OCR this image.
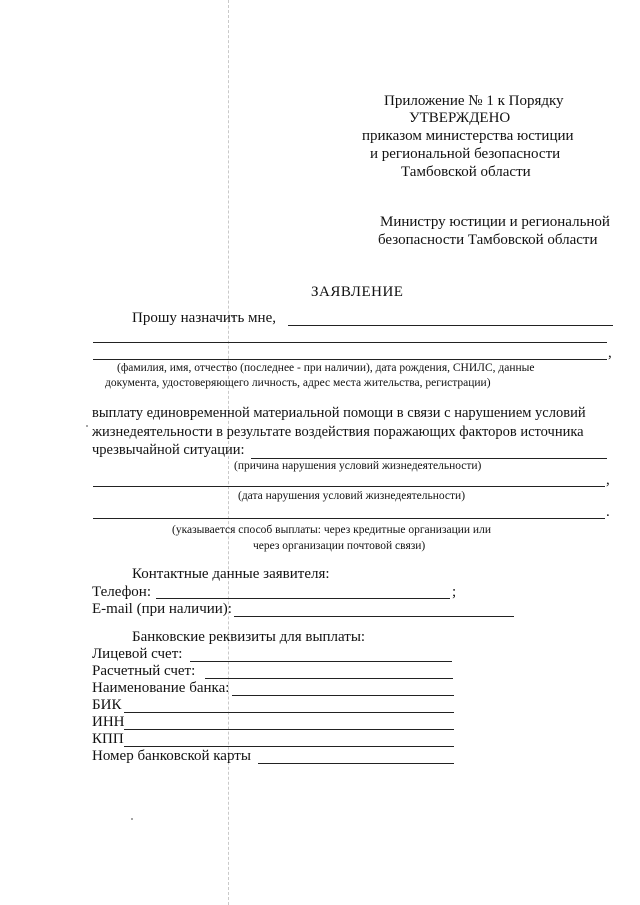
Приложение № 1 к Порядку
УТВЕРЖДЕНО
приказом министерства юстиции
и региональной безопасности
Тамбовской области
Министру юстиции и региональной
безопасности Тамбовской области
ЗАЯВЛЕНИЕ
Прошу назначить мне,
,
(фамилия, имя, отчество (последнее - при наличии), дата рождения, СНИЛС, данные
документа, удостоверяющего личность, адрес места жительства, регистрации)
выплату единовременной материальной помощи в связи с нарушением условий
жизнедеятельности в результате воздействия поражающих факторов источника
чрезвычайной ситуации:
(причина нарушения условий жизнедеятельности)
,
(дата нарушения условий жизнедеятельности)
.
(указывается способ выплаты: через кредитные организации или
через организации почтовой связи)
Контактные данные заявителя:
Телефон:	;
E-mail (при наличии):
Банковские реквизиты для выплаты:
Лицевой счет:
Расчетный счет:
Наименование банка:
БИК
ИНН
КПП
Номер банковской карты
